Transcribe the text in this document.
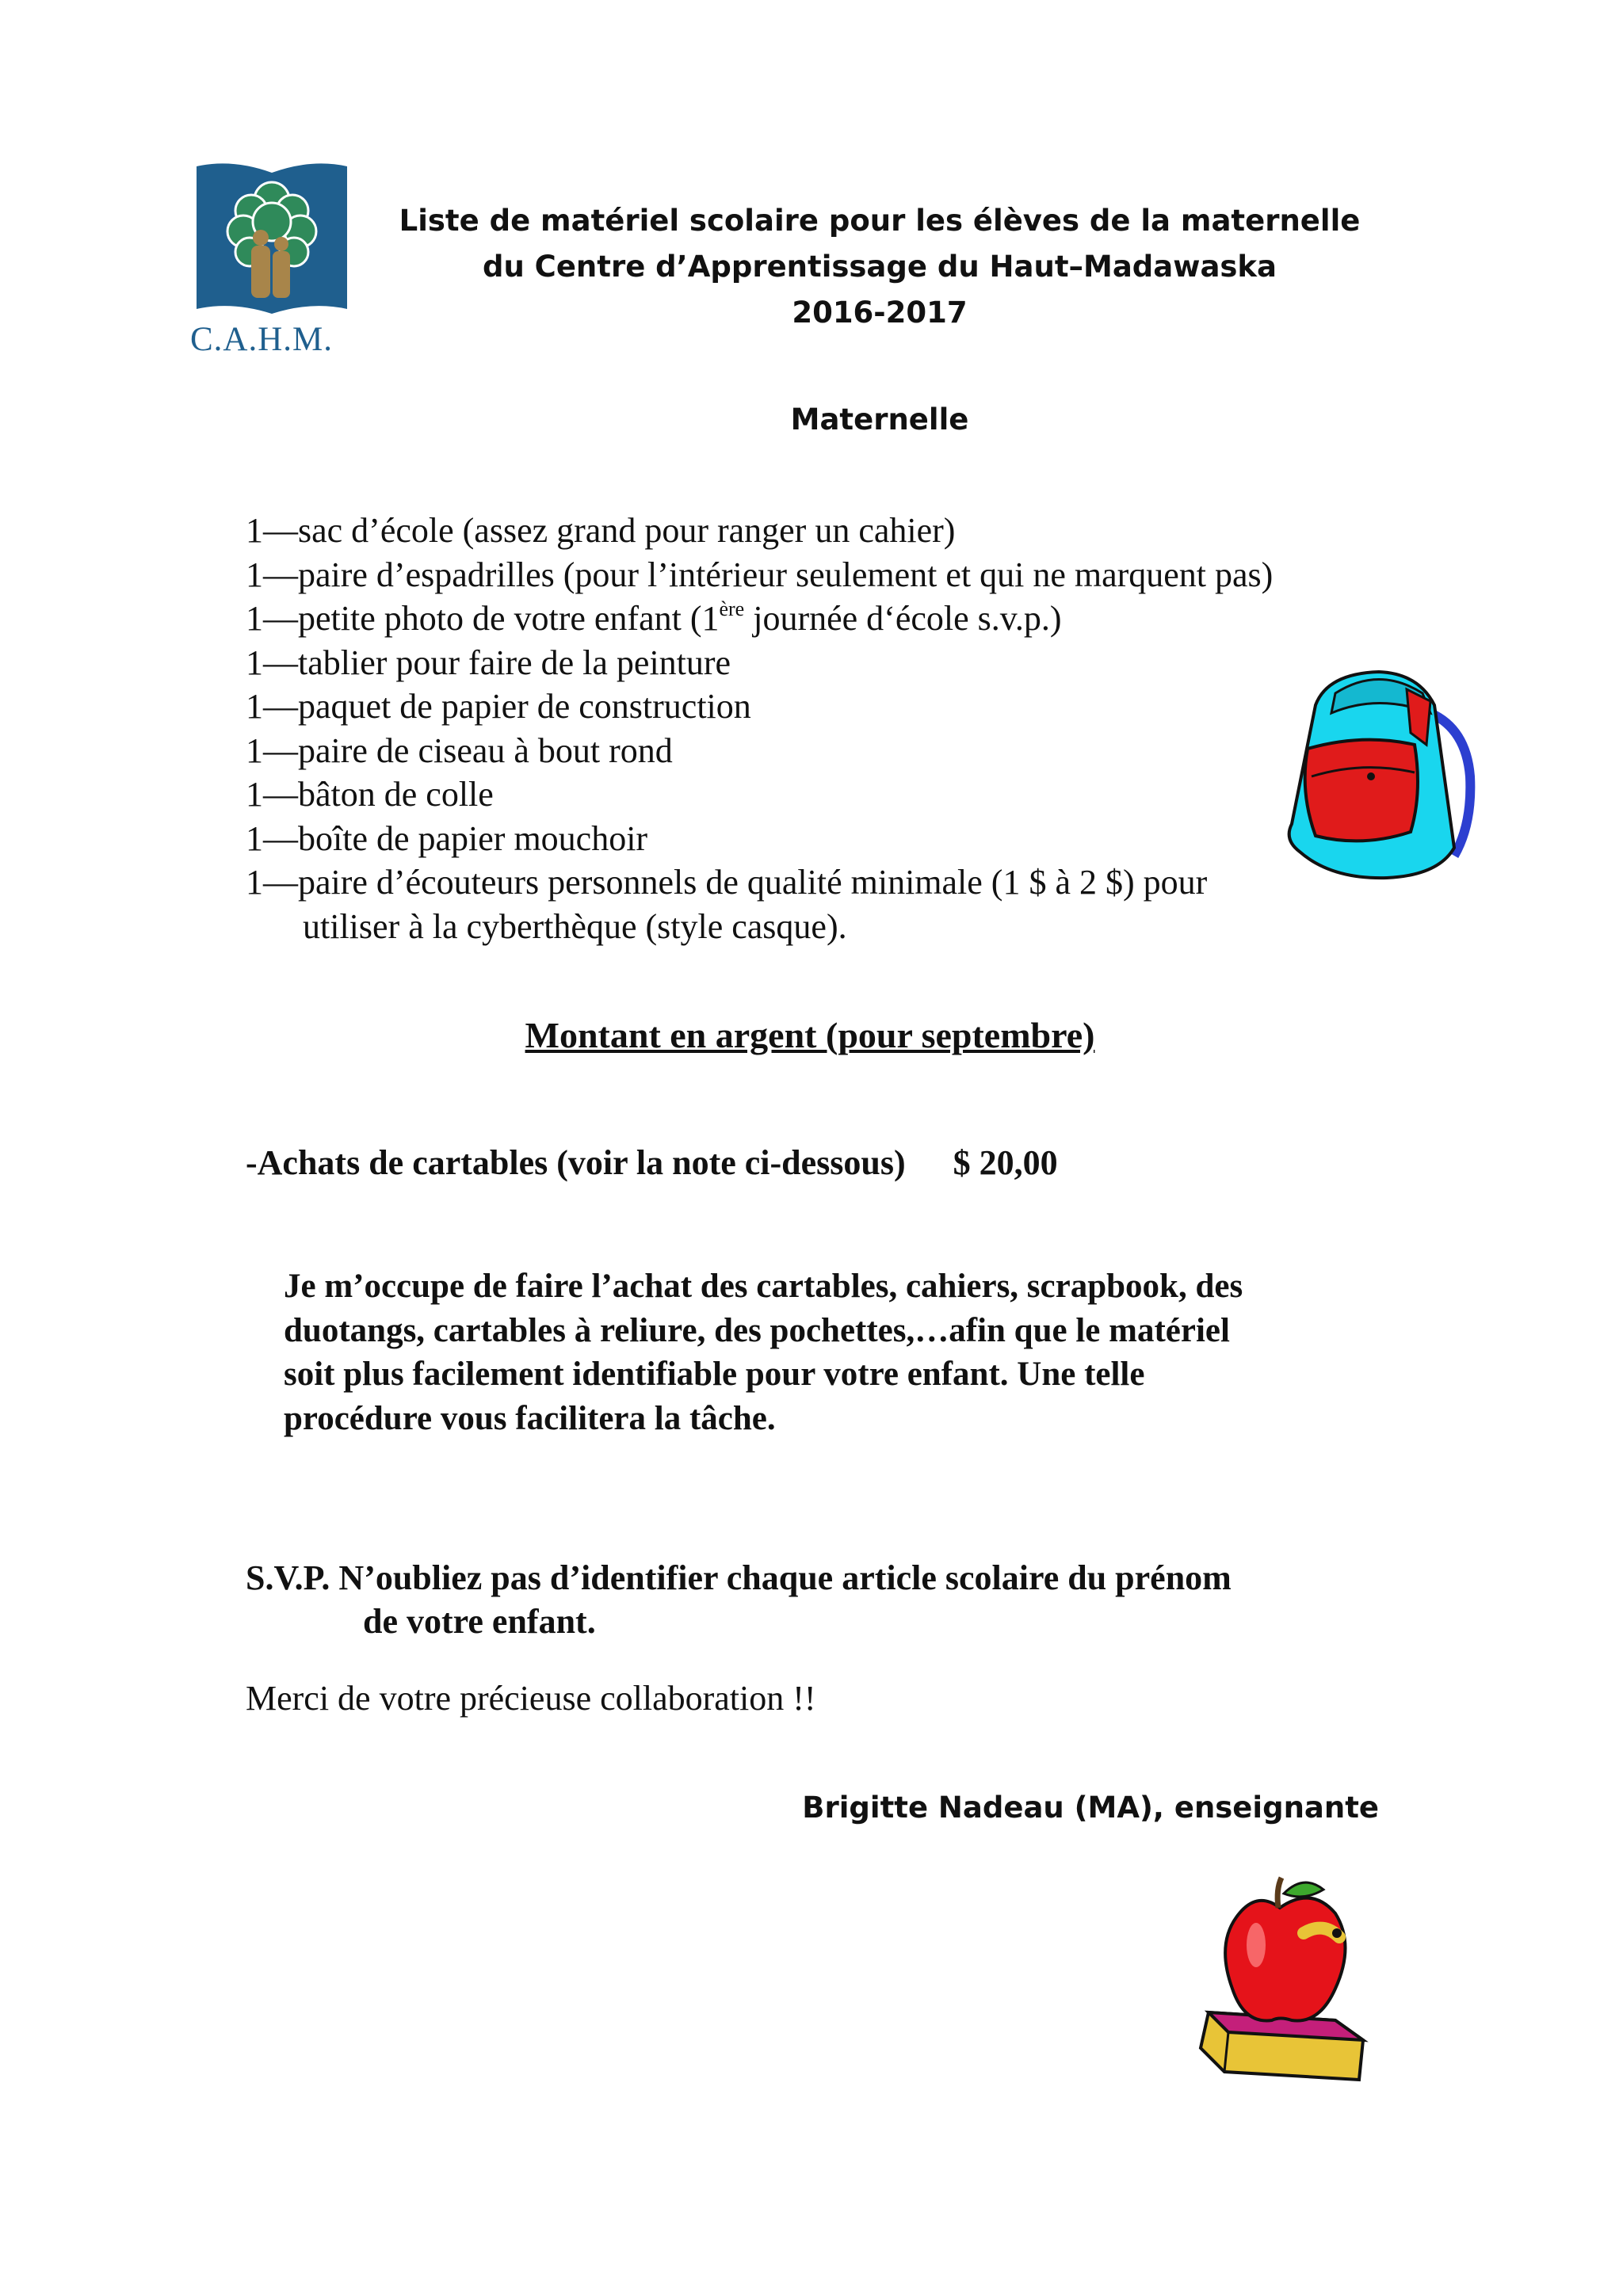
C.A.H.M.
Liste de matériel scolaire pour les élèves de la maternelle
du Centre d’Apprentissage du Haut–Madawaska
2016-2017
Maternelle
1—sac d’école (assez grand pour ranger un cahier)
1—paire d’espadrilles (pour l’intérieur seulement et qui ne marquent pas)
1—petite photo de votre enfant (1ère journée d‘école s.v.p.)
1—tablier pour faire de la peinture
1—paquet de papier de construction
1—paire de ciseau à bout rond
1—bâton de colle
1—boîte de papier mouchoir
1—paire d’écouteurs personnels de qualité minimale (1 $ à 2 $) pour
utiliser à la cyberthèque (style casque).
Montant en argent (pour septembre)
-Achats de cartables (voir la note ci-dessous) $ 20,00
Je m’occupe de faire l’achat des cartables, cahiers, scrapbook, des
duotangs, cartables à reliure, des pochettes,…afin que le matériel
soit plus facilement identifiable pour votre enfant. Une telle
procédure vous facilitera la tâche.
S.V.P. N’oubliez pas d’identifier chaque article scolaire du prénom
de votre enfant.
Merci de votre précieuse collaboration !!
Brigitte Nadeau (MA), enseignante
